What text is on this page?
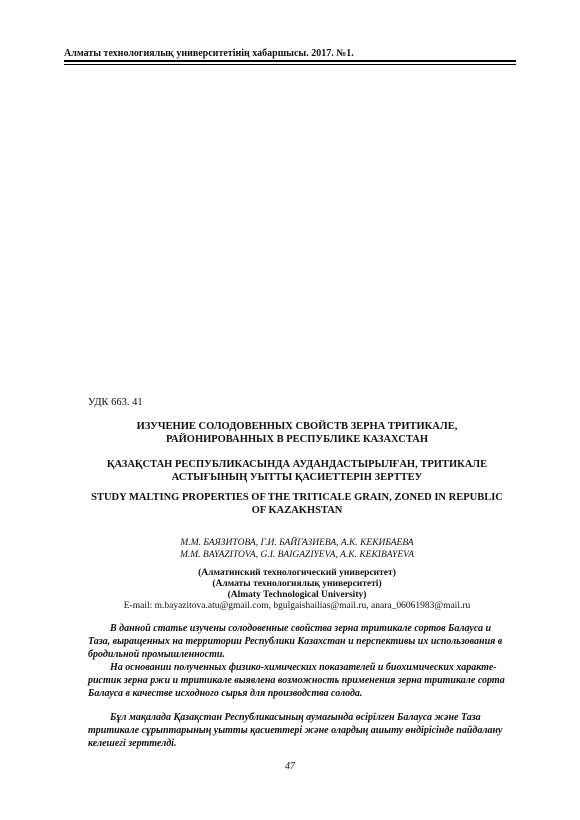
Алматы технологиялық университетінің хабаршысы. 2017. №1.
УДК 663. 41
ИЗУЧЕНИЕ СОЛОДОВЕННЫХ СВОЙСТВ ЗЕРНА ТРИТИКАЛЕ,
РАЙОНИРОВАННЫХ В РЕСПУБЛИКЕ КАЗАХСТАН
ҚАЗАҚСТАН РЕСПУБЛИКАСЫНДА АУДАНДАСТЫРЫЛҒАН, ТРИТИКАЛЕ
АСТЫҒЫНЫҢ УЫТТЫ ҚАСИЕТТЕРІН ЗЕРТТЕУ
STUDY MALTING PROPERTIES OF THE TRITICALE GRAIN, ZONED IN REPUBLIC
OF KAZAKHSTAN
М.М. БАЯЗИТОВА, Г.И. БАЙГАЗИЕВА, А.К. КЕКИБАЕВА
M.M. BAYAZITOVA, G.I. BAIGAZIYEVA, A.K. KEKIBAYEVA
(Алматинский технологический университет)
(Алматы технологиялық университеті)
(Almaty Technological University)
E-mail: m.bayazitova.atu@gmail.com, bgulgaishailias@mail.ru, anara_06061983@mail.ru
В данной статье изучены солодовенные свойства зерна тритикале сортов Балауса и
Таза, выращенных на территории Республики Казахстан и перспективы их использования в
бродильной промышленности.
На основании полученных физико-химических показателей и биохимических характе-
ристик зерна ржи и тритикале выявлена возможность применения зерна тритикале сорта
Балауса в качестве исходного сырья для производства солода.
Бұл мақалада Қазақстан Республикасының аумағында өсірілген Балауса және Таза
тритикале сұрыптарының уытты қасиеттері және олардың ашыту өндірісінде пайдалану
келешегі зерттелді.
47
